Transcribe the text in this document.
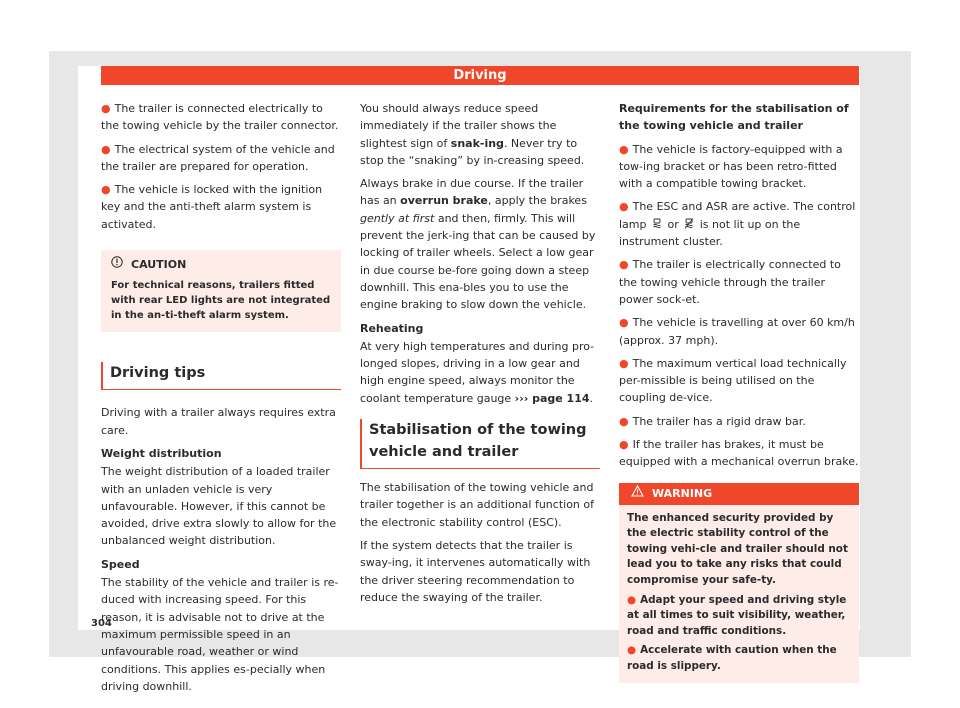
Driving

● The trailer is connected electrically to the towing vehicle by the trailer connector.

● The electrical system of the vehicle and the trailer are prepared for operation.

● The vehicle is locked with the ignition key and the anti-theft alarm system is activated.

CAUTION
For technical reasons, trailers fitted with rear LED lights are not integrated in the an-ti-theft alarm system.
Driving tips

Driving with a trailer always requires extra care.

Weight distribution

The weight distribution of a loaded trailer with an unladen vehicle is very unfavourable. However, if this cannot be avoided, drive extra slowly to allow for the unbalanced weight distribution.

Speed

The stability of the vehicle and trailer is re-duced with increasing speed. For this reason, it is advisable not to drive at the maximum permissible speed in an unfavourable road, weather or wind conditions. This applies es-pecially when driving downhill.

You should always reduce speed immediately if the trailer shows the slightest sign of snak-ing. Never try to stop the “snaking” by in-creasing speed.

Always brake in due course. If the trailer has an overrun brake, apply the brakes gently at first and then, firmly. This will prevent the jerk-ing that can be caused by locking of trailer wheels. Select a low gear in due course be-fore going down a steep downhill. This ena-bles you to use the engine braking to slow down the vehicle.

Reheating

At very high temperatures and during pro-longed slopes, driving in a low gear and high engine speed, always monitor the coolant temperature gauge ››› page 114.

Stabilisation of the towing vehicle and trailer

The stabilisation of the towing vehicle and trailer together is an additional function of the electronic stability control (ESC).

If the system detects that the trailer is sway-ing, it intervenes automatically with the driver steering recommendation to reduce the swaying of the trailer.

Requirements for the stabilisation of the towing vehicle and trailer

● The vehicle is factory-equipped with a tow-ing bracket or has been retro-fitted with a compatible towing bracket.

● The ESC and ASR are active. The control lamp  or  is not lit up on the instrument cluster.

● The trailer is electrically connected to the towing vehicle through the trailer power sock-et.

● The vehicle is travelling at over 60 km/h (approx. 37 mph).

● The maximum vertical load technically per-missible is being utilised on the coupling de-vice.

● The trailer has a rigid draw bar.

● If the trailer has brakes, it must be equipped with a mechanical overrun brake.

WARNING

The enhanced security provided by the electric stability control of the towing vehi-cle and trailer should not lead you to take any risks that could compromise your safe-ty.

● Adapt your speed and driving style at all times to suit visibility, weather, road and traffic conditions.

● Accelerate with caution when the road is slippery.

304
